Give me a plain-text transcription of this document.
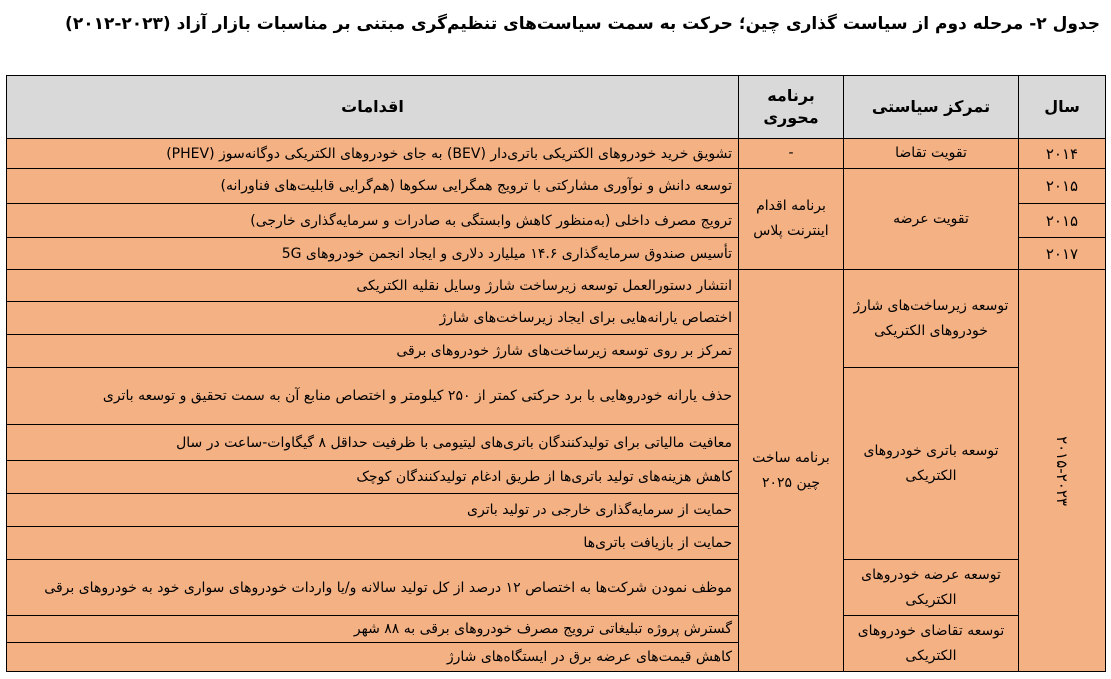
جدول ۲- مرحله دوم از سیاست گذاری چین؛ حرکت به سمت سیاست‌های تنظیم‌گری مبتنی بر مناسبات بازار آزاد (۲۰۲۳-۲۰۱۲)
سال	تمرکز سیاستی	برنامه محوری	اقدامات
۲۰۱۴	تقویت تقاضا	-	تشویق خرید خودروهای الکتریکی باتری‌دار (BEV) به جای خودروهای الکتریکی دوگانه‌سوز (PHEV)
۲۰۱۵	تقویت عرضه	برنامه اقدام اینترنت پلاس	توسعه دانش و نوآوری مشارکتی با ترویج همگرایی سکوها (هم‌گرایی قابلیت‌های فناورانه)
۲۰۱۵			ترویج مصرف داخلی (به‌منظور کاهش وابستگی به صادرات و سرمایه‌گذاری خارجی)
۲۰۱۷			تأسیس صندوق سرمایه‌گذاری ۱۴.۶ میلیارد دلاری و ایجاد انجمن خودروهای 5G
۲۰۱۵-۲۰۲۳	توسعه زیرساخت‌های شارژ خودروهای الکتریکی	برنامه ساخت چین ۲۰۲۵	انتشار دستورالعمل توسعه زیرساخت شارژ وسایل نقلیه الکتریکی
			اختصاص یارانه‌هایی برای ایجاد زیرساخت‌های شارژ
			تمرکز بر روی توسعه زیرساخت‌های شارژ خودروهای برقی
	توسعه باتری خودروهای الکتریکی		حذف یارانه خودروهایی با برد حرکتی کمتر از ۲۵۰ کیلومتر و اختصاص منابع آن به سمت تحقیق و توسعه باتری
			معافیت مالیاتی برای تولیدکنندگان باتری‌های لیتیومی با ظرفیت حداقل ۸ گیگاوات-ساعت در سال
			کاهش هزینه‌های تولید باتری‌ها از طریق ادغام تولیدکنندگان کوچک
			حمایت از سرمایه‌گذاری خارجی در تولید باتری
			حمایت از بازیافت باتری‌ها
	توسعه عرضه خودروهای الکتریکی		موظف نمودن شرکت‌ها به اختصاص ۱۲ درصد از کل تولید سالانه و/یا واردات خودروهای سواری خود به خودروهای برقی
	توسعه تقاضای خودروهای الکتریکی		گسترش پروژه تبلیغاتی ترویج مصرف خودروهای برقی به ۸۸ شهر
			کاهش قیمت‌های عرضه برق در ایستگاه‌های شارژ
